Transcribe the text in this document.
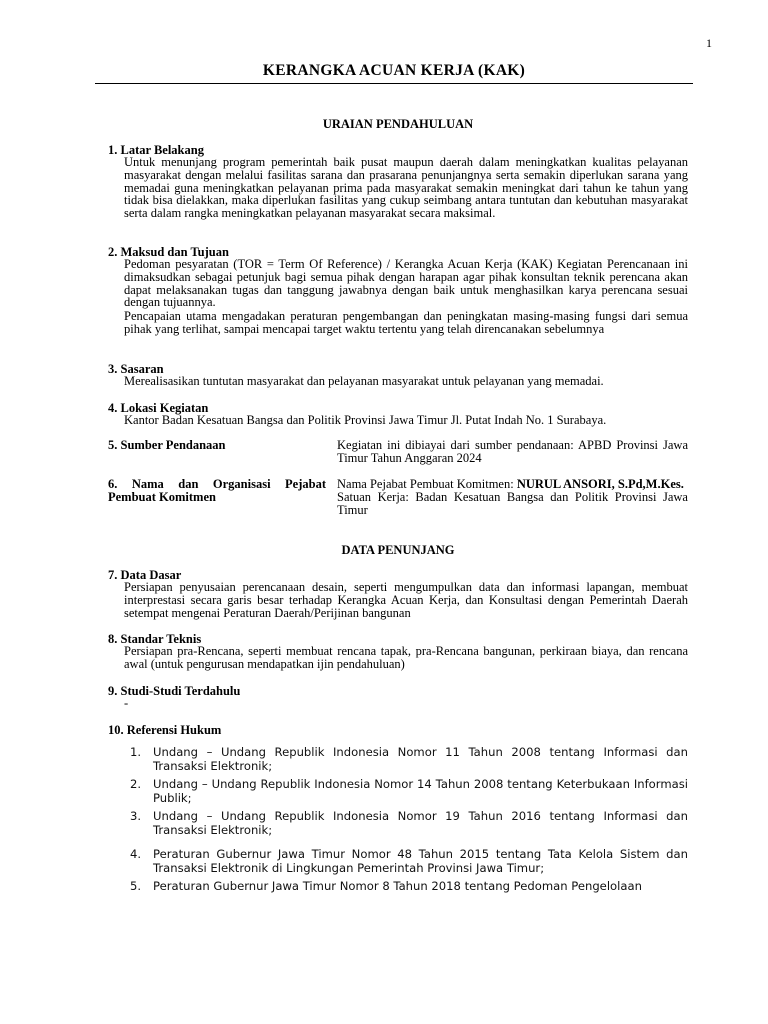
1
KERANGKA ACUAN KERJA (KAK)
URAIAN PENDAHULUAN
1. Latar Belakang

Untuk menunjang program pemerintah baik pusat maupun daerah dalam meningkatkan kualitas pelayanan masyarakat dengan melalui fasilitas sarana dan prasarana penunjangnya serta semakin diperlukan sarana yang memadai guna meningkatkan pelayanan prima pada masyarakat semakin meningkat dari tahun ke tahun yang tidak bisa dielakkan, maka diperlukan fasilitas yang cukup seimbang antara tuntutan dan kebutuhan masyarakat serta dalam rangka meningkatkan pelayanan masyarakat secara maksimal.

2. Maksud dan Tujuan

Pedoman pesyaratan (TOR = Term Of Reference) / Kerangka Acuan Kerja (KAK) Kegiatan Perencanaan ini dimaksudkan sebagai petunjuk bagi semua pihak dengan harapan agar pihak konsultan teknik perencana akan dapat melaksanakan tugas dan tanggung jawabnya dengan baik untuk menghasilkan karya perencana sesuai dengan tujuannya.

Pencapaian utama mengadakan peraturan pengembangan dan peningkatan masing-masing fungsi dari semua pihak yang terlihat, sampai mencapai target waktu tertentu yang telah direncanakan sebelumnya

3. Sasaran

Merealisasikan tuntutan masyarakat dan pelayanan masyarakat untuk pelayanan yang memadai.

4. Lokasi Kegiatan

Kantor Badan Kesatuan Bangsa dan Politik Provinsi Jawa Timur Jl. Putat Indah No. 1 Surabaya.

5. Sumber Pendanaan	Kegiatan ini dibiayai dari sumber pendanaan: APBD Provinsi Jawa Timur Tahun Anggaran 2024

6. Nama dan Organisasi Pejabat Pembuat Komitmen
Nama Pejabat Pembuat Komitmen: NURUL ANSORI, S.Pd,M.Kes.
Satuan Kerja: Badan Kesatuan Bangsa dan Politik Provinsi Jawa Timur
DATA PENUNJANG
7. Data Dasar

Persiapan penyusaian perencanaan desain, seperti mengumpulkan data dan informasi lapangan, membuat interprestasi secara garis besar terhadap Kerangka Acuan Kerja, dan Konsultasi dengan Pemerintah Daerah setempat mengenai Peraturan Daerah/Perijinan bangunan

8. Standar Teknis

Persiapan pra-Rencana, seperti membuat rencana tapak, pra-Rencana bangunan, perkiraan biaya, dan rencana awal (untuk pengurusan mendapatkan ijin pendahuluan)

9. Studi-Studi Terdahulu

-

10. Referensi Hukum
1. Undang – Undang Republik Indonesia Nomor 11 Tahun 2008 tentang Informasi dan Transaksi Elektronik;
2. Undang – Undang Republik Indonesia Nomor 14 Tahun 2008 tentang Keterbukaan Informasi Publik;
3. Undang – Undang Republik Indonesia Nomor 19 Tahun 2016 tentang Informasi dan Transaksi Elektronik;
4. Peraturan Gubernur Jawa Timur Nomor 48 Tahun 2015 tentang Tata Kelola Sistem dan Transaksi Elektronik di Lingkungan Pemerintah Provinsi Jawa Timur;
5. Peraturan Gubernur Jawa Timur Nomor 8 Tahun 2018 tentang Pedoman Pengelolaan
